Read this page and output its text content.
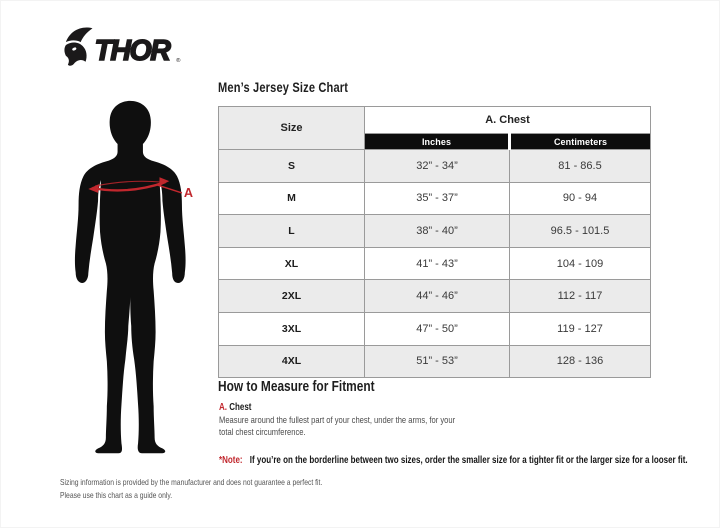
THOR	®
A
Men’s Jersey Size Chart
Size	A. Chest	
	Inches	Centimeters
S	32” - 34”	81 - 86.5
M	35” - 37”	90 - 94
L	38” - 40”	96.5 - 101.5
XL	41” - 43”	104 - 109
2XL	44” - 46”	112 - 117
3XL	47” - 50”	119 - 127
4XL	51” - 53”	128 - 136
How to Measure for Fitment
A. Chest
Measure around the fullest part of your chest, under the arms, for your total chest circumference.
*Note: If you’re on the borderline between two sizes, order the smaller size for a tighter fit or the larger size for a looser fit.
Sizing information is provided by the manufacturer and does not guarantee a perfect fit.
Please use this chart as a guide only.
